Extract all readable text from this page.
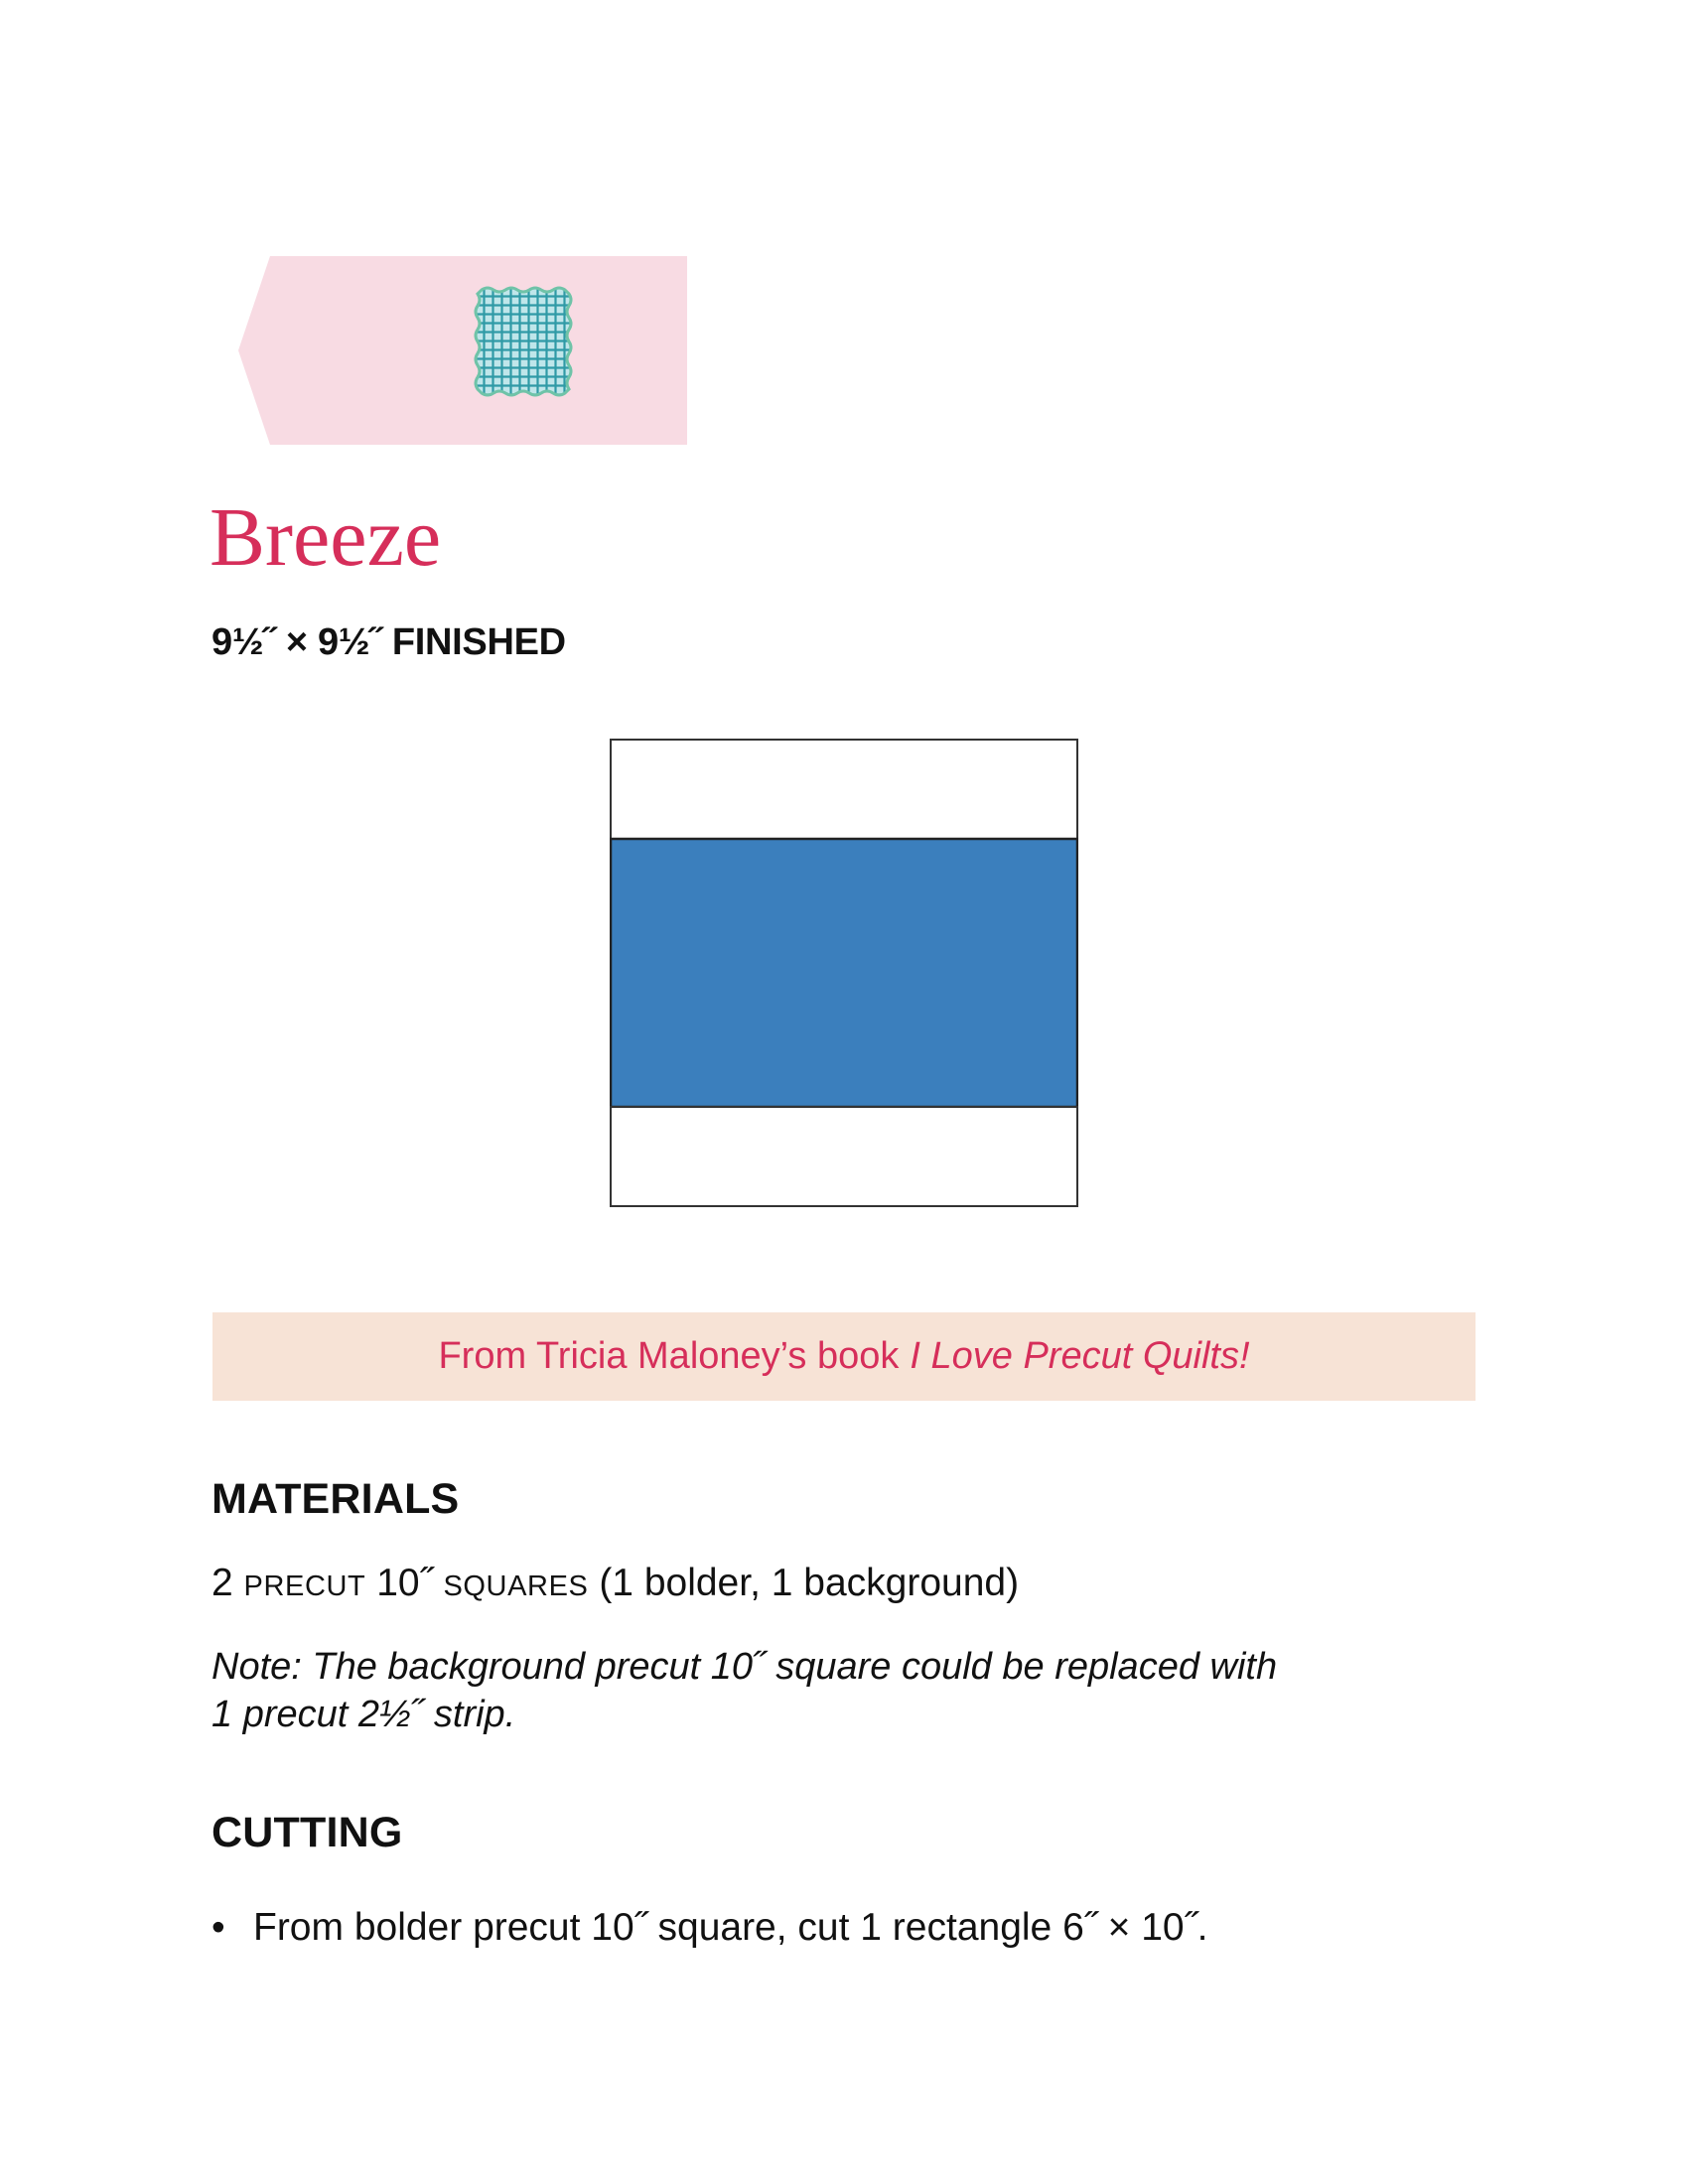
Breeze
9½˝ × 9½˝ FINISHED
From Tricia Maloney’s book I Love Precut Quilts!
MATERIALS
2 PRECUT 10˝ SQUARES (1 bolder, 1 background)
Note: The background precut 10˝ square could be replaced with
1 precut 2½˝ strip.
CUTTING
• From bolder precut 10˝ square, cut 1 rectangle 6˝ × 10˝.
